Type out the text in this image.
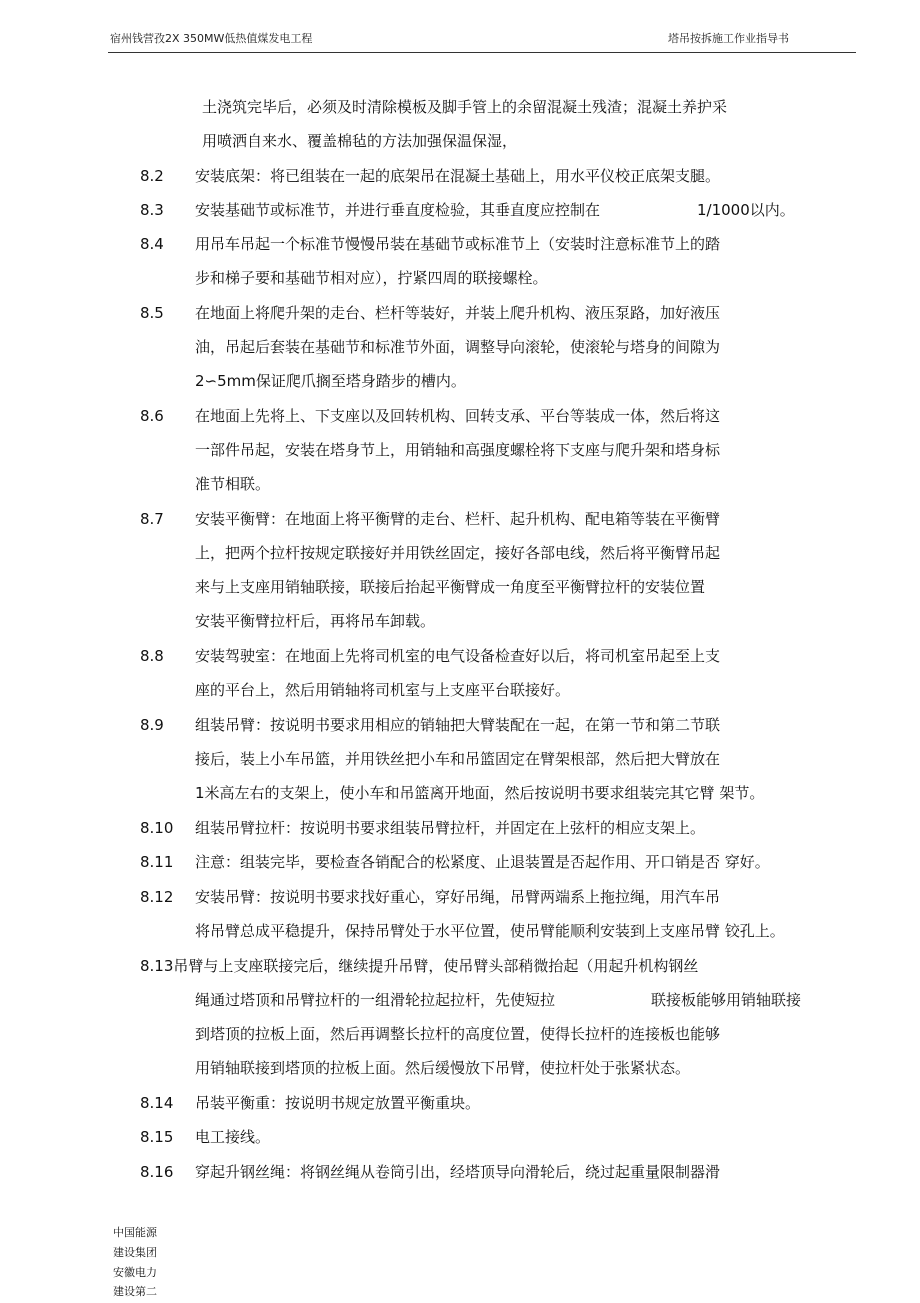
宿州钱营孜2Ⅹ 350MW低热值煤发电工程	塔吊按拆施工作业指导书
土浇筑完毕后，必须及时清除模板及脚手管上的余留混凝土残渣；混凝土养护采
用喷洒自来水、覆盖棉毡的方法加强保温保湿，
8.2 安装底架：将已组装在一起的底架吊在混凝土基础上，用水平仪校正底架支腿。
8.3 安装基础节或标准节，并进行垂直度检验，其垂直度应控制在	1/1000以内。
8.4 用吊车吊起一个标准节慢慢吊装在基础节或标准节上（安装时注意标准节上的踏
步和梯子要和基础节相对应），拧紧四周的联接螺栓。
8.5 在地面上将爬升架的走台、栏杆等装好，并装上爬升机构、液压泵路，加好液压
油，吊起后套装在基础节和标准节外面，调整导向滚轮，使滚轮与塔身的间隙为
2∽5mm保证爬爪搁至塔身踏步的槽内。
8.6 在地面上先将上、下支座以及回转机构、回转支承、平台等装成一体，然后将这
一部件吊起，安装在塔身节上，用销轴和高强度螺栓将下支座与爬升架和塔身标
准节相联。
8.7 安装平衡臂：在地面上将平衡臂的走台、栏杆、起升机构、配电箱等装在平衡臂
上，把两个拉杆按规定联接好并用铁丝固定，接好各部电线，然后将平衡臂吊起
来与上支座用销轴联接，联接后抬起平衡臂成一角度至平衡臂拉杆的安装位置
安装平衡臂拉杆后，再将吊车卸载。
8.8 安装驾驶室：在地面上先将司机室的电气设备检查好以后，将司机室吊起至上支
座的平台上，然后用销轴将司机室与上支座平台联接好。
8.9 组装吊臂：按说明书要求用相应的销轴把大臂装配在一起，在第一节和第二节联
接后，装上小车吊篮，并用铁丝把小车和吊篮固定在臂架根部，然后把大臂放在
1米高左右的支架上，使小车和吊篮离开地面，然后按说明书要求组装完其它臂 架节。
8.10 组装吊臂拉杆：按说明书要求组装吊臂拉杆，并固定在上弦杆的相应支架上。
8.11 注意：组装完毕，要检查各销配合的松紧度、止退装置是否起作用、开口销是否 穿好。
8.12 安装吊臂：按说明书要求找好重心，穿好吊绳，吊臂两端系上拖拉绳，用汽车吊
将吊臂总成平稳提升，保持吊臂处于水平位置，使吊臂能顺利安装到上支座吊臂 铰孔上。
8.13吊臂与上支座联接完后，继续提升吊臂，使吊臂头部稍微抬起（用起升机构钢丝
绳通过塔顶和吊臂拉杆的一组滑轮拉起拉杆，先使短拉	联接板能够用销轴联接
到塔顶的拉板上面，然后再调整长拉杆的高度位置，使得长拉杆的连接板也能够
用销轴联接到塔顶的拉板上面。然后缓慢放下吊臂，使拉杆处于张紧状态。
8.14 吊装平衡重：按说明书规定放置平衡重块。
8.15 电工接线。
8.16 穿起升钢丝绳：将钢丝绳从卷筒引出，经塔顶导向滑轮后，绕过起重量限制器滑
中国能源
建设集团
安徽电力
建设第二
